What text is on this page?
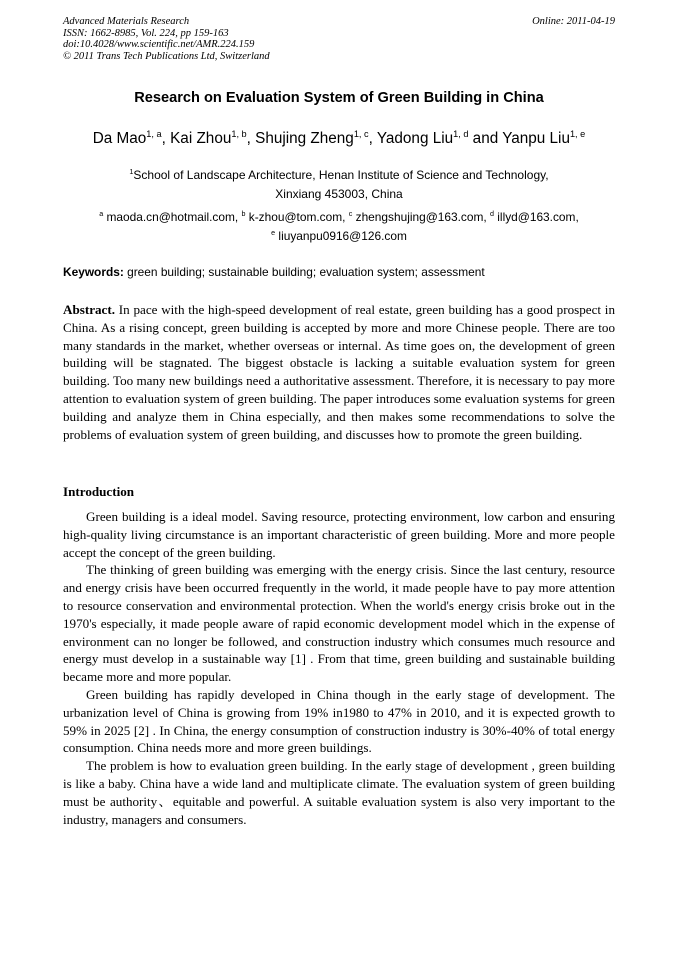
Advanced Materials Research
ISSN: 1662-8985, Vol. 224, pp 159-163
doi:10.4028/www.scientific.net/AMR.224.159
© 2011 Trans Tech Publications Ltd, Switzerland
Online: 2011-04-19
Research on Evaluation System of Green Building in China
Da Mao$^{1, a}$, Kai Zhou$^{1, b}$, Shujing Zheng$^{1, c}$, Yadong Liu$^{1, d}$ and Yanpu Liu$^{1, e}$
$^1$School of Landscape Architecture, Henan Institute of Science and Technology,
Xinxiang 453003, China
$^a$ maoda.cn@hotmail.com, $^b$ k-zhou@tom.com, $^c$ zhengshujing@163.com, $^d$ illyd@163.com,
$^e$ liuyanpu0916@126.com
Keywords: green building; sustainable building; evaluation system; assessment

Abstract. In pace with the high-speed development of real estate, green building has a good prospect in China. As a rising concept, green building is accepted by more and more Chinese people. There are too many standards in the market, whether overseas or internal. As time goes on, the development of green building will be stagnated. The biggest obstacle is lacking a suitable evaluation system for green building. Too many new buildings need a authoritative assessment. Therefore, it is necessary to pay more attention to evaluation system of green building. The paper introduces some evaluation systems for green building and analyze them in China especially, and then makes some recommendations to solve the problems of evaluation system of green building, and discusses how to promote the green building.

Introduction

Green building is a ideal model. Saving resource, protecting environment, low carbon and ensuring high-quality living circumstance is an important characteristic of green building. More and more people accept the concept of the green building.

The thinking of green building was emerging with the energy crisis. Since the last century, resource and energy crisis have been occurred frequently in the world, it made people have to pay more attention to resource conservation and environmental protection. When the world's energy crisis broke out in the 1970's especially, it made people aware of rapid economic development model which in the expense of environment can no longer be followed, and construction industry which consumes much resource and energy must develop in a sustainable way [1] . From that time, green building and sustainable building became more and more popular.

Green building has rapidly developed in China though in the early stage of development. The urbanization level of China is growing from 19% in1980 to 47% in 2010, and it is expected growth to 59% in 2025 [2] . In China, the energy consumption of construction industry is 30%-40% of total energy consumption. China needs more and more green buildings.

The problem is how to evaluation green building. In the early stage of development , green building is like a baby. China have a wide land and multiplicate climate. The evaluation system of green building must be authority、equitable and powerful. A suitable evaluation system is also very important to the industry, managers and consumers.
